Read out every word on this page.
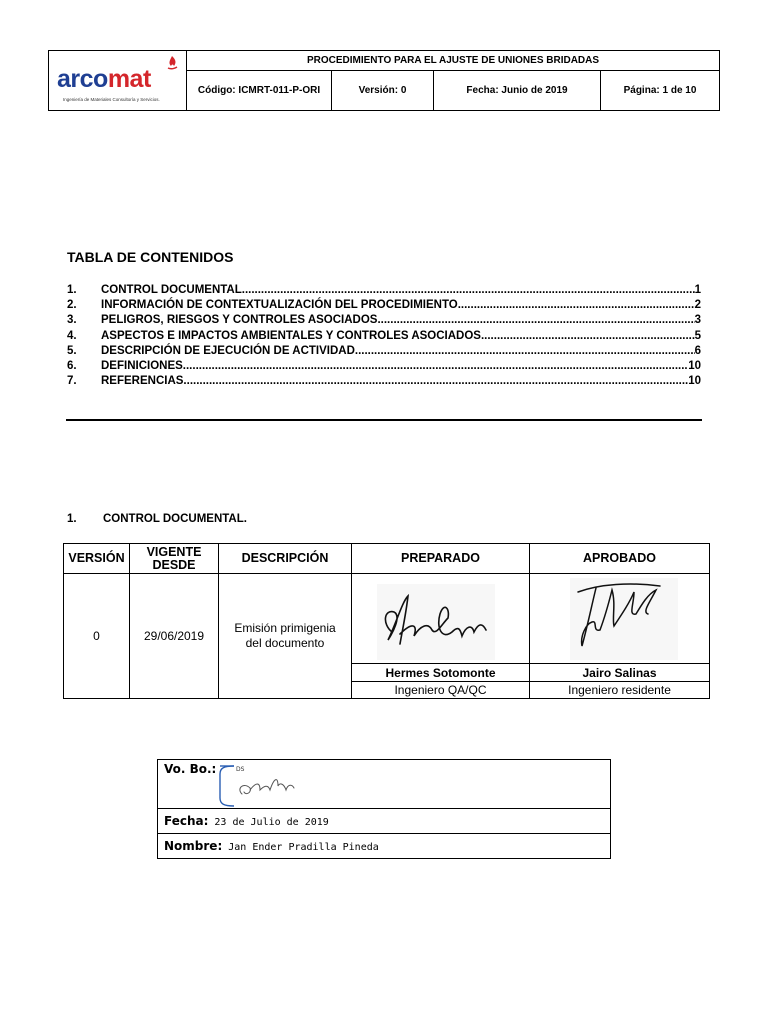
arcomat
Ingeniería de Materiales Consultoría y Servicios.	PROCEDIMIENTO PARA EL AJUSTE DE UNIONES BRIDADAS			
	Código: ICMRT-011-P-ORI	Versión: 0	Fecha: Junio de 2019	Página: 1 de 10
TABLA DE CONTENIDOS
1.	CONTROL DOCUMENTAL. .....	1
2.	INFORMACIÓN DE CONTEXTUALIZACIÓN DEL PROCEDIMIENTO. .....	2
3.	PELIGROS, RIESGOS Y CONTROLES ASOCIADOS. .....	3
4.	ASPECTOS E IMPACTOS AMBIENTALES Y CONTROLES ASOCIADOS. .....	5
5.	DESCRIPCIÓN DE EJECUCIÓN DE ACTIVIDAD. .....	6
6.	DEFINICIONES. .....	10
7.	REFERENCIAS. .....	10
1. CONTROL DOCUMENTAL.
VERSIÓN	VIGENTE DESDE	DESCRIPCIÓN	PREPARADO	APROBADO
0	29/06/2019	Emisión primigenia del documento	

			Hermes Sotomonte	Jairo Salinas
			Ingeniero QA/QC	Ingeniero residente
Vo. Bo.:
Fecha: 23 de Julio de 2019
Nombre: Jan Ender Pradilla Pineda
DS
